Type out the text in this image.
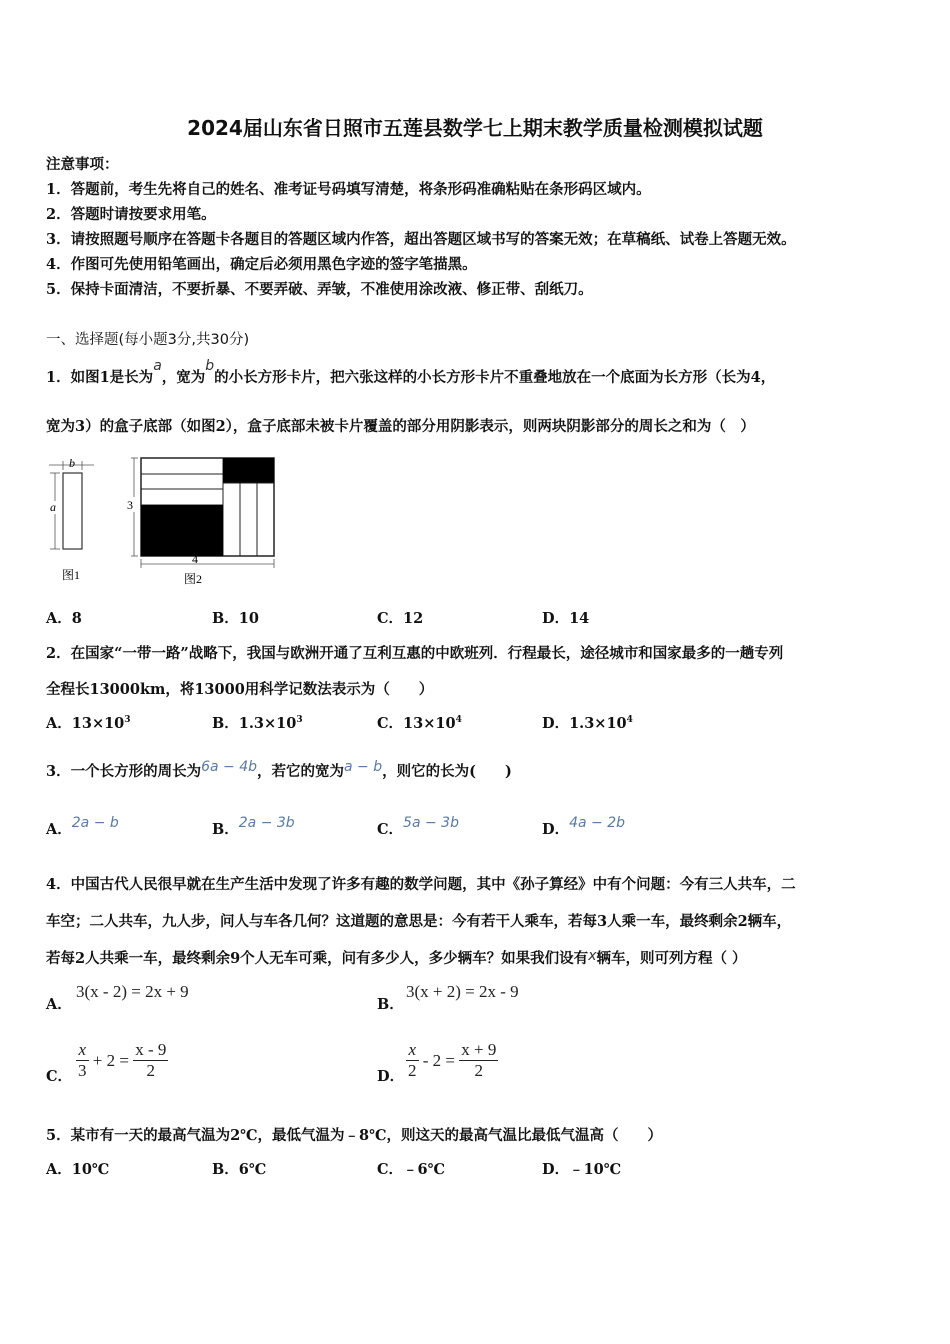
2024届山东省日照市五莲县数学七上期末教学质量检测模拟试题
注意事项：
1．答题前，考生先将自己的姓名、准考证号码填写清楚，将条形码准确粘贴在条形码区域内。
2．答题时请按要求用笔。
3．请按照题号顺序在答题卡各题目的答题区域内作答，超出答题区域书写的答案无效；在草稿纸、试卷上答题无效。
4．作图可先使用铅笔画出，确定后必须用黑色字迹的签字笔描黑。
5．保持卡面清洁，不要折暴、不要弄破、弄皱，不准使用涂改液、修正带、刮纸刀。
一、选择题(每小题3分,共30分)
1．如图1是长为a，宽为b的小长方形卡片，把六张这样的小长方形卡片不重叠地放在一个底面为长方形（长为4，
宽为3）的盒子底部（如图2），盒子底部未被卡片覆盖的部分用阴影表示，则两块阴影部分的周长之和为（　）
b
a
图1
3
4
图2
A．8	B．10	C．12	D．14
2．在国家“一带一路”战略下，我国与欧洲开通了互利互惠的中欧班列．行程最长，途径城市和国家最多的一趟专列
全程长13000km，将13000用科学记数法表示为（　　）
A．$13\times 10^3$	B．$1.3\times 10^3$	C．$13\times 10^4$	D．$1.3\times 10^4$
3．一个长方形的周长为6a − 4b，若它的宽为a − b，则它的长为(　　)
A．2a − b	B．2a − 3b	C．5a − 3b	D．4a − 2b
4．中国古代人民很早就在生产生活中发现了许多有趣的数学问题，其中《孙子算经》中有个问题：今有三人共车，二
车空；二人共车，九人步，问人与车各几何？这道题的意思是：今有若干人乘车，若每3人乘一车，最终剩余2辆车，
若每2人共乘一车，最终剩余9个人无车可乘，问有多少人，多少辆车？如果我们设有x辆车，则可列方程（ ）
A．
3(x - 2) = 2x + 9
B．
3(x + 2) = 2x - 9
C． $\frac{x}{3} + 2 = \frac{x - 9}{2}$	D． $\frac{x}{2} - 2 = \frac{x + 9}{2}$
5．某市有一天的最高气温为2℃，最低气温为﹣8℃，则这天的最高气温比最低气温高（　　）
A．10℃	B．6℃	C．﹣6℃	D．﹣10℃
